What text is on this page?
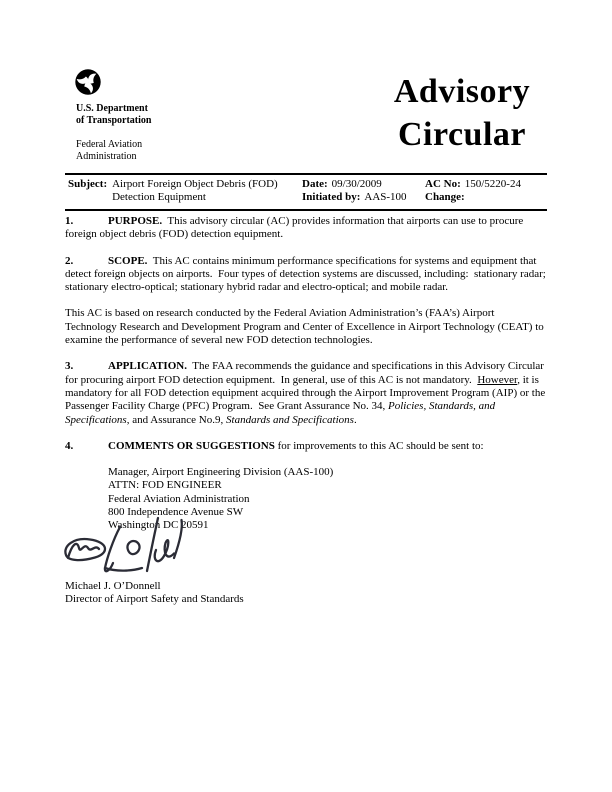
U.S. Department
of Transportation
Federal Aviation
Administration
Advisory
Circular
Subject: Airport Foreign Object Debris (FOD)
Detection Equipment
Date: 09/30/2009
Initiated by: AAS-100
AC No: 150/5220-24
Change:

1.	PURPOSE.  This advisory circular (AC) provides information that airports can use to procure foreign object debris (FOD) detection equipment.

2.	SCOPE.  This AC contains minimum performance specifications for systems and equipment that detect foreign objects on airports.  Four types of detection systems are discussed, including:  stationary radar; stationary electro-optical; stationary hybrid radar and electro-optical; and mobile radar.

This AC is based on research conducted by the Federal Aviation Administration’s (FAA’s) Airport Technology Research and Development Program and Center of Excellence in Airport Technology (CEAT) to examine the performance of several new FOD detection technologies.

3.	APPLICATION.  The FAA recommends the guidance and specifications in this Advisory Circular for procuring airport FOD detection equipment.  In general, use of this AC is not mandatory.  However, it is mandatory for all FOD detection equipment acquired through the Airport Improvement Program (AIP) or the Passenger Facility Charge (PFC) Program.  See Grant Assurance No. 34, Policies, Standards, and Specifications, and Assurance No.9, Standards and Specifications.

4.	COMMENTS OR SUGGESTIONS for improvements to this AC should be sent to:

Manager, Airport Engineering Division (AAS-100)
ATTN: FOD ENGINEER
Federal Aviation Administration
800 Independence Avenue SW
Washington DC 20591
Michael J. O’Donnell
Director of Airport Safety and Standards
